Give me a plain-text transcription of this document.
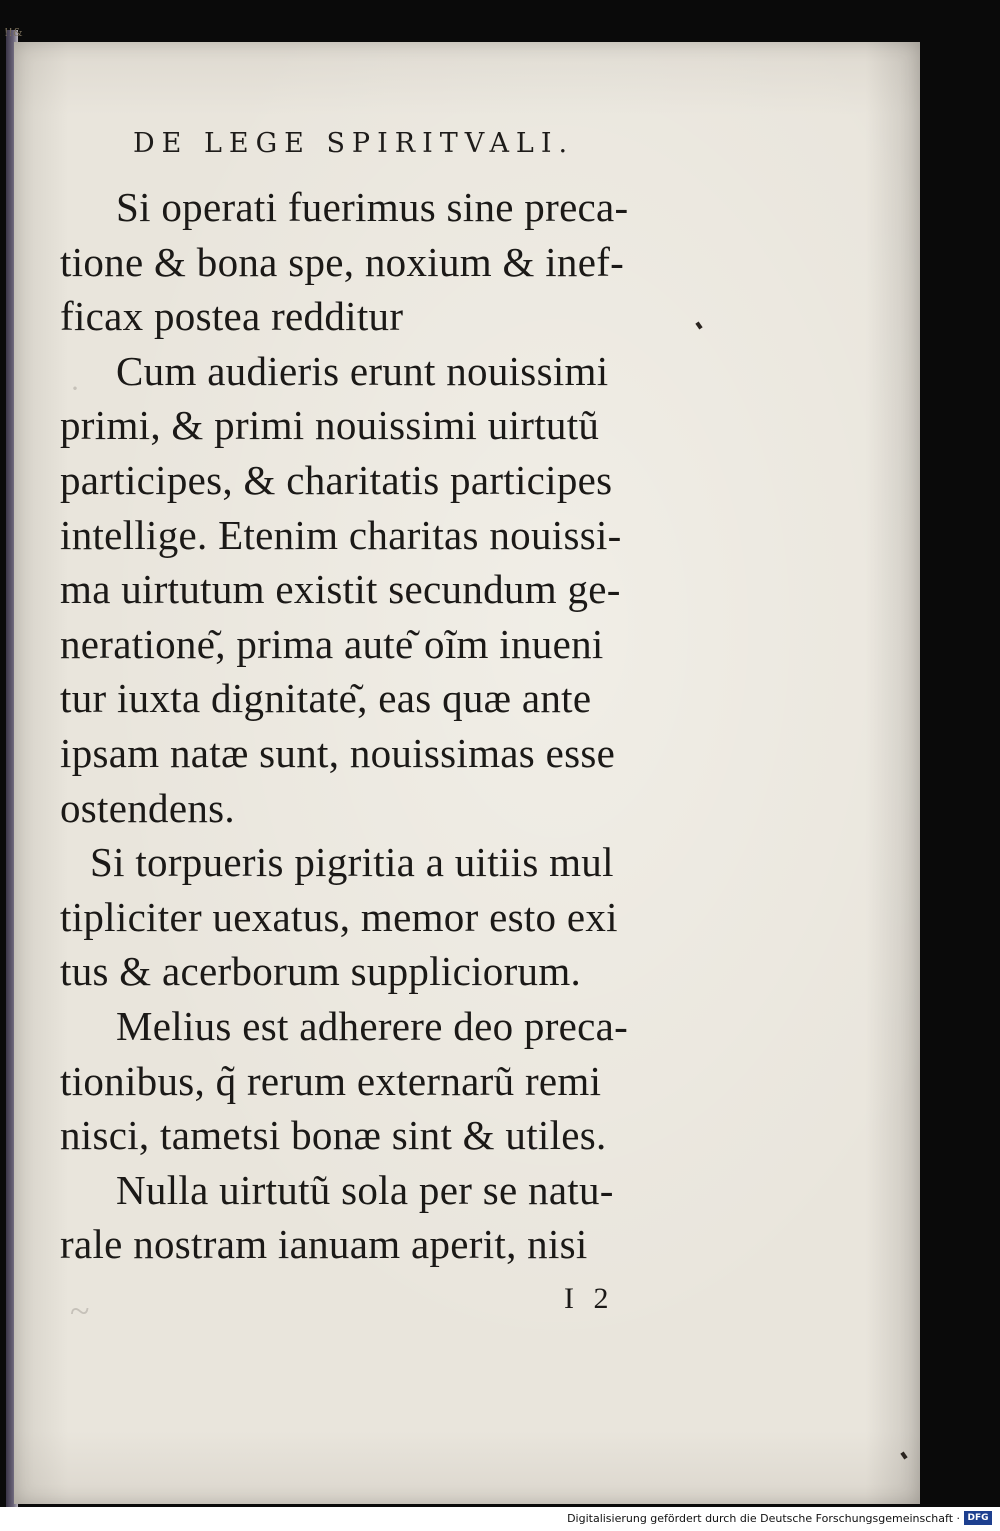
!!&
·
~
DE LEGE SPIRITVALI.
Si operati fuerimus sine preca-
tione & bona spe, noxium & inef-
ficax postea redditur
Cum audieris erunt nouissimi
primi, & primi nouissimi uirtutũ
participes, & charitatis participes
intellige. Etenim charitas nouissi-
ma uirtutum existit secundum ge-
neratione͂, prima aute͂ oĩm inueni
tur iuxta dignitate͂, eas quæ ante
ipsam natæ sunt, nouissimas esse
ostendens.
Si torpueris pigritia a uitiis mul
tipliciter uexatus, memor esto exi
tus & acerborum suppliciorum.
Melius est adherere deo preca-
tionibus, q̃ rerum externarũ remi
nisci, tametsi bonæ sint & utiles.
Nulla uirtutũ sola per se natu-
rale nostram ianuam aperit, nisi
I 2
Digitalisierung gefördert durch die Deutsche Forschungsgemeinschaft · DFG
